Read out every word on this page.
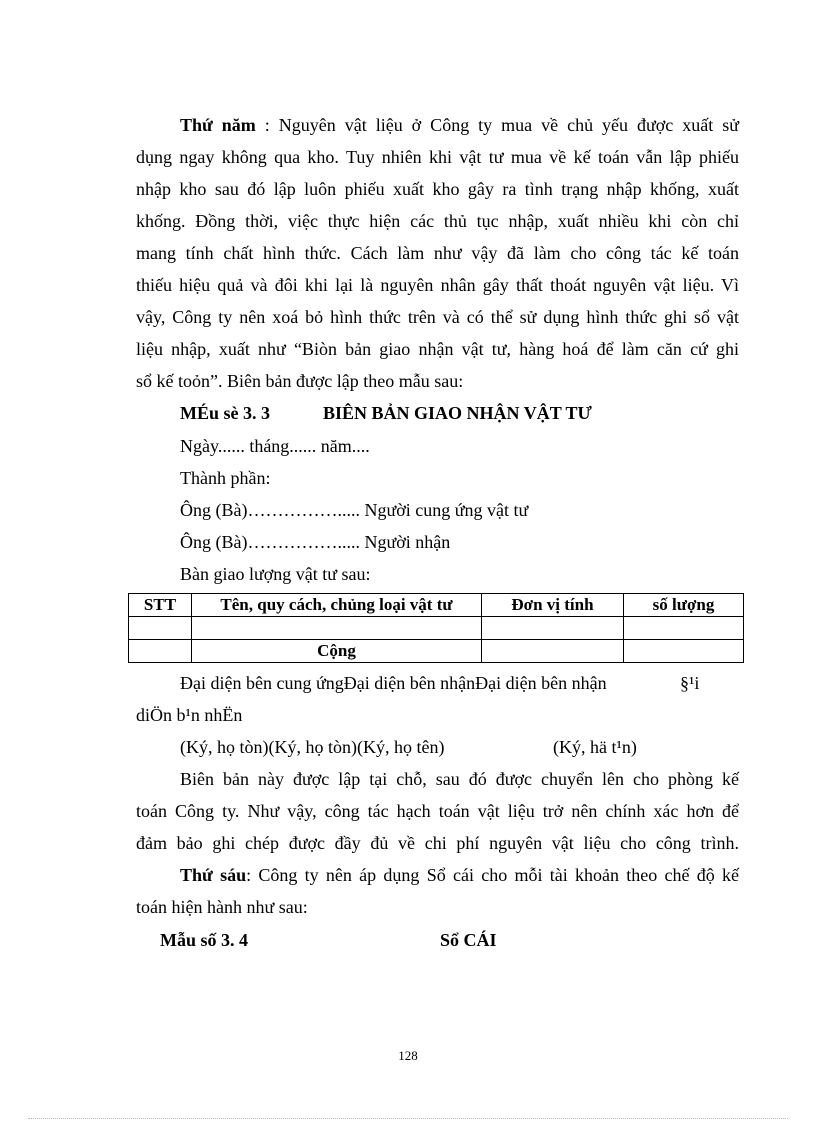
Thứ năm : Nguyên vật liệu ở Công ty mua về chủ yếu được xuất sử
dụng ngay không qua kho. Tuy nhiên khi vật tư mua về kế toán vẫn lập phiếu
nhập kho sau đó lập luôn phiếu xuất kho gây ra tình trạng nhập khống, xuất
khống. Đồng thời, việc thực hiện các thủ tục nhập, xuất nhiều khi còn chỉ
mang tính chất hình thức. Cách làm như vậy đã làm cho công tác kế toán
thiếu hiệu quả và đôi khi lại là nguyên nhân gây thất thoát nguyên vật liệu. Vì
vậy, Công ty nên xoá bỏ hình thức trên và có thể sử dụng hình thức ghi sổ vật
liệu nhập, xuất như “Biòn bản giao nhận vật tư, hàng hoá để làm căn cứ ghi
sổ kế toỏn”. Biên bản được lập theo mẫu sau:
MÉu sè 3. 3	BIÊN BẢN GIAO NHẬN VẬT TƯ
Ngày...... tháng...... năm....
Thành phần:
Ông (Bà)……………..... Người cung ứng vật tư
Ông (Bà)……………..... Người nhận
Bàn giao lượng vật tư sau:
STT	Tên, quy cách, chủng loại vật tư	Đơn vị tính	số lượng

	Cộng		
Đại diện bên cung ứngĐại diện bên nhậnĐại diện bên nhận	§¹i
diÖn b¹n nhËn
(Ký, họ tòn)(Ký, họ tòn)(Ký, họ tên)	(Ký, hä t¹n)
Biên bản này được lập tại chỗ, sau đó được chuyển lên cho phòng kế
toán Công ty. Như vậy, công tác hạch toán vật liệu trở nên chính xác hơn để
đảm bảo ghi chép được đầy đủ về chi phí nguyên vật liệu cho công trình.
Thứ sáu: Công ty nên áp dụng Sổ cái cho mỗi tài khoản theo chế độ kế
toán hiện hành như sau:
Mẫu số 3. 4	Sổ CÁI
128
